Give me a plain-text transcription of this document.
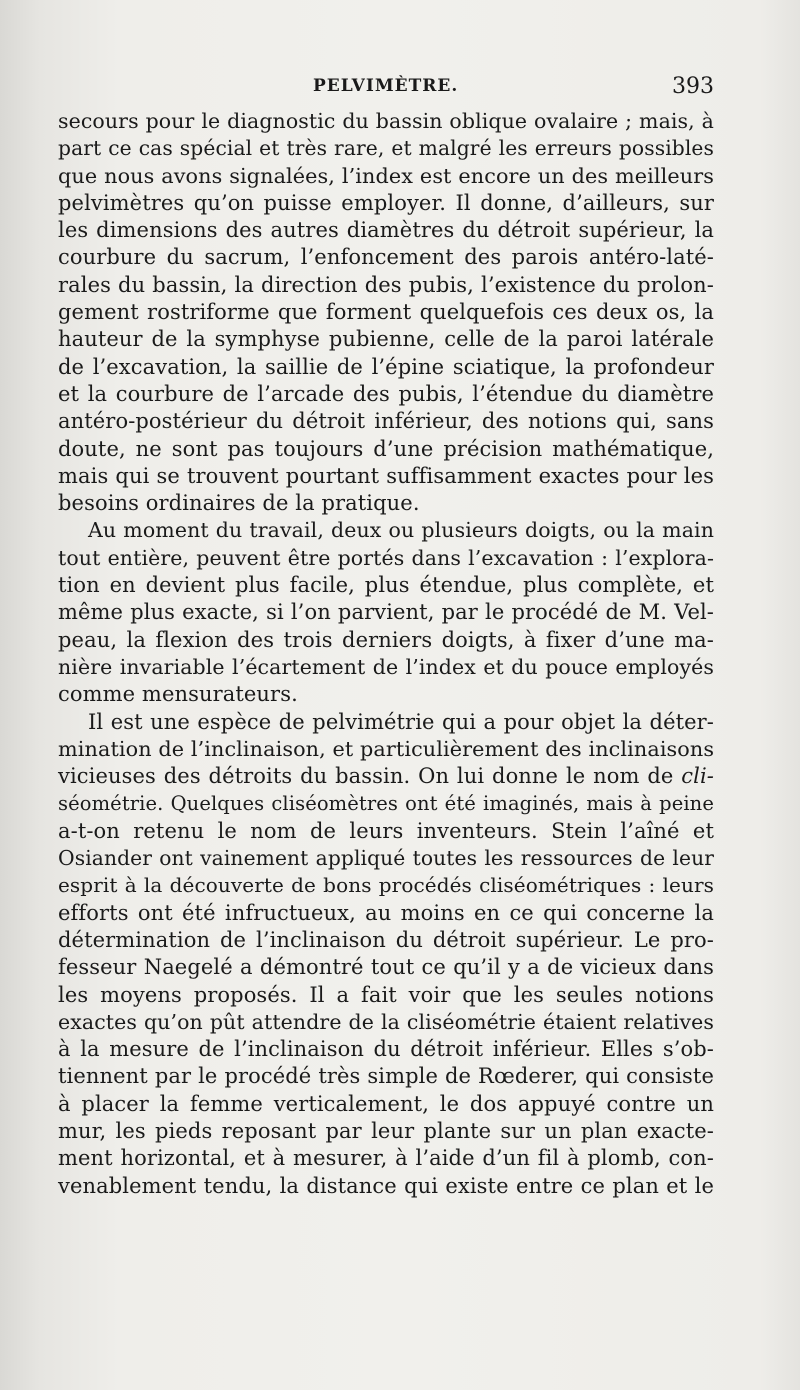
PELVIMÈTRE.	393
secours pour le diagnostic du bassin oblique ovalaire ; mais, à
part ce cas spécial et très rare, et malgré les erreurs possibles
que nous avons signalées, l’index est encore un des meilleurs
pelvimètres qu’on puisse employer. Il donne, d’ailleurs, sur
les dimensions des autres diamètres du détroit supérieur, la
courbure du sacrum, l’enfoncement des parois antéro-laté-
rales du bassin, la direction des pubis, l’existence du prolon-
gement rostriforme que forment quelquefois ces deux os, la
hauteur de la symphyse pubienne, celle de la paroi latérale
de l’excavation, la saillie de l’épine sciatique, la profondeur
et la courbure de l’arcade des pubis, l’étendue du diamètre
antéro-postérieur du détroit inférieur, des notions qui, sans
doute, ne sont pas toujours d’une précision mathématique,
mais qui se trouvent pourtant suffisamment exactes pour les
besoins ordinaires de la pratique.
Au moment du travail, deux ou plusieurs doigts, ou la main
tout entière, peuvent être portés dans l’excavation : l’explora-
tion en devient plus facile, plus étendue, plus complète, et
même plus exacte, si l’on parvient, par le procédé de M. Vel-
peau, la flexion des trois derniers doigts, à fixer d’une ma-
nière invariable l’écartement de l’index et du pouce employés
comme mensurateurs.
Il est une espèce de pelvimétrie qui a pour objet la déter-
mination de l’inclinaison, et particulièrement des inclinaisons
vicieuses des détroits du bassin. On lui donne le nom de cli-
séométrie. Quelques cliséomètres ont été imaginés, mais à peine
a-t-on retenu le nom de leurs inventeurs. Stein l’aîné et
Osiander ont vainement appliqué toutes les ressources de leur
esprit à la découverte de bons procédés cliséométriques : leurs
efforts ont été infructueux, au moins en ce qui concerne la
détermination de l’inclinaison du détroit supérieur. Le pro-
fesseur Naegelé a démontré tout ce qu’il y a de vicieux dans
les moyens proposés. Il a fait voir que les seules notions
exactes qu’on pût attendre de la cliséométrie étaient relatives
à la mesure de l’inclinaison du détroit inférieur. Elles s’ob-
tiennent par le procédé très simple de Rœderer, qui consiste
à placer la femme verticalement, le dos appuyé contre un
mur, les pieds reposant par leur plante sur un plan exacte-
ment horizontal, et à mesurer, à l’aide d’un fil à plomb, con-
venablement tendu, la distance qui existe entre ce plan et le
